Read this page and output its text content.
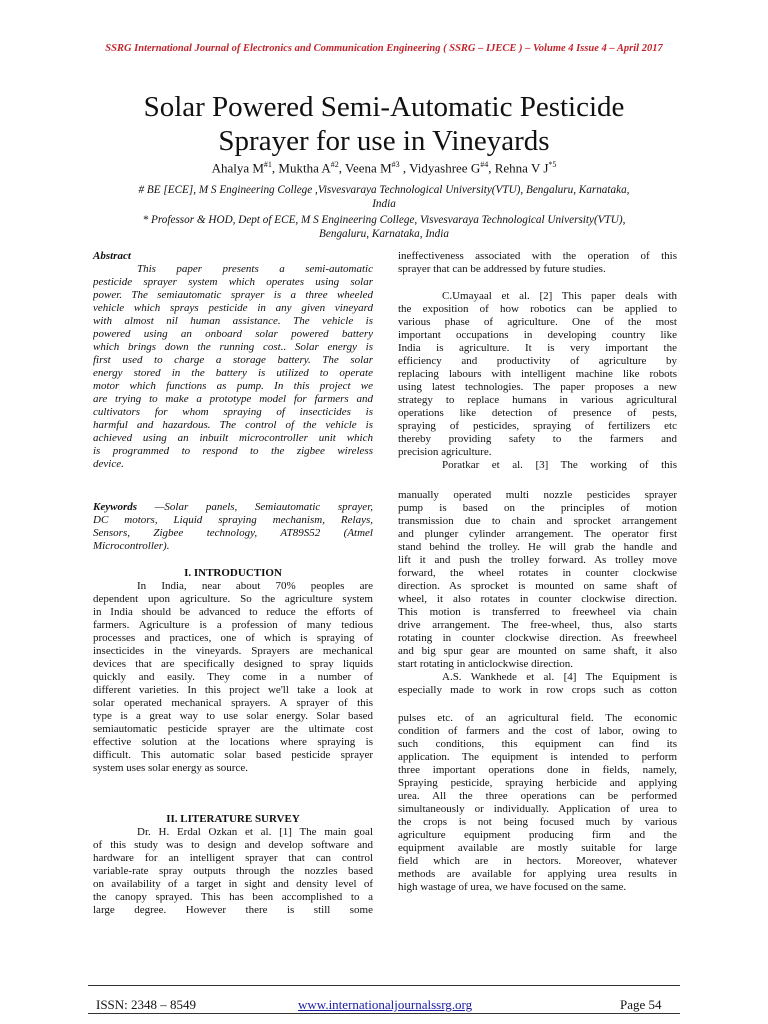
SSRG International Journal of Electronics and Communication Engineering ( SSRG – IJECE ) – Volume 4 Issue 4 – April 2017
Solar Powered Semi-Automatic Pesticide
Sprayer for use in Vineyards
Ahalya $M^{\#1}$, Muktha $A^{\#2}$, Veena $M^{\#3}$ , Vidyashree $G^{\#4}$, Rehna V $J^{*5}$
# BE [ECE], M S Engineering College ,Visvesvaraya Technological University(VTU), Bengaluru, Karnataka,
India
* Professor & HOD, Dept of ECE, M S Engineering College, Visvesvaraya Technological University(VTU),
Bengaluru, Karnataka, India
Abstract
This paper presents a semi-automatic
pesticide sprayer system which operates using solar
power. The semiautomatic sprayer is a three wheeled
vehicle which sprays pesticide in any given vineyard
with almost nil human assistance. The vehicle is
powered using an onboard solar powered battery
which brings down the running cost.. Solar energy is
first used to charge a storage battery. The solar
energy stored in the battery is utilized to operate
motor which functions as pump. In this project we
are trying to make a prototype model for farmers and
cultivators for whom spraying of insecticides is
harmful and hazardous. The control of the vehicle is
achieved using an inbuilt microcontroller unit which
is programmed to respond to the zigbee wireless
device.
Keywords —Solar panels, Semiautomatic sprayer,
DC motors, Liquid spraying mechanism, Relays,
Sensors, Zigbee technology, AT89S52 (Atmel
Microcontroller).
I. INTRODUCTION
In India, near about 70% peoples are
dependent upon agriculture. So the agriculture system
in India should be advanced to reduce the efforts of
farmers. Agriculture is a profession of many tedious
processes and practices, one of which is spraying of
insecticides in the vineyards. Sprayers are mechanical
devices that are specifically designed to spray liquids
quickly and easily. They come in a number of
different varieties. In this project we'll take a look at
solar operated mechanical sprayers. A sprayer of this
type is a great way to use solar energy. Solar based
semiautomatic pesticide sprayer are the ultimate cost
effective solution at the locations where spraying is
difficult. This automatic solar based pesticide sprayer
system uses solar energy as source.
II. LITERATURE SURVEY
Dr. H. Erdal Ozkan et al. [1] The main goal
of this study was to design and develop software and
hardware for an intelligent sprayer that can control
variable-rate spray outputs through the nozzles based
on availability of a target in sight and density level of
the canopy sprayed. This has been accomplished to a
large degree. However there is still some
ineffectiveness associated with the operation of this
sprayer that can be addressed by future studies.
C.Umayaal et al. [2] This paper deals with
the exposition of how robotics can be applied to
various phase of agriculture. One of the most
important occupations in developing country like
India is agriculture. It is very important the
efficiency and productivity of agriculture by
replacing labours with intelligent machine like robots
using latest technologies. The paper proposes a new
strategy to replace humans in various agricultural
operations like detection of presence of pests,
spraying of pesticides, spraying of fertilizers etc
thereby providing safety to the farmers and
precision agriculture.
Poratkar et al. [3] The working of this
manually operated multi nozzle pesticides sprayer
pump is based on the principles of motion
transmission due to chain and sprocket arrangement
and plunger cylinder arrangement. The operator first
stand behind the trolley. He will grab the handle and
lift it and push the trolley forward. As trolley move
forward, the wheel rotates in counter clockwise
direction. As sprocket is mounted on same shaft of
wheel, it also rotates in counter clockwise direction.
This motion is transferred to freewheel via chain
drive arrangement. The free-wheel, thus, also starts
rotating in counter clockwise direction. As freewheel
and big spur gear are mounted on same shaft, it also
start rotating in anticlockwise direction.
A.S. Wankhede et al. [4] The Equipment is
especially made to work in row crops such as cotton
pulses etc. of an agricultural field. The economic
condition of farmers and the cost of labor, owing to
such conditions, this equipment can find its
application. The equipment is intended to perform
three important operations done in fields, namely,
Spraying pesticide, spraying herbicide and applying
urea. All the three operations can be performed
simultaneously or individually. Application of urea to
the crops is not being focused much by various
agriculture equipment producing firm and the
equipment available are mostly suitable for large
field which are in hectors. Moreover, whatever
methods are available for applying urea results in
high wastage of urea, we have focused on the same.
ISSN: 2348 – 8549	www.internationaljournalssrg.org	Page 54
